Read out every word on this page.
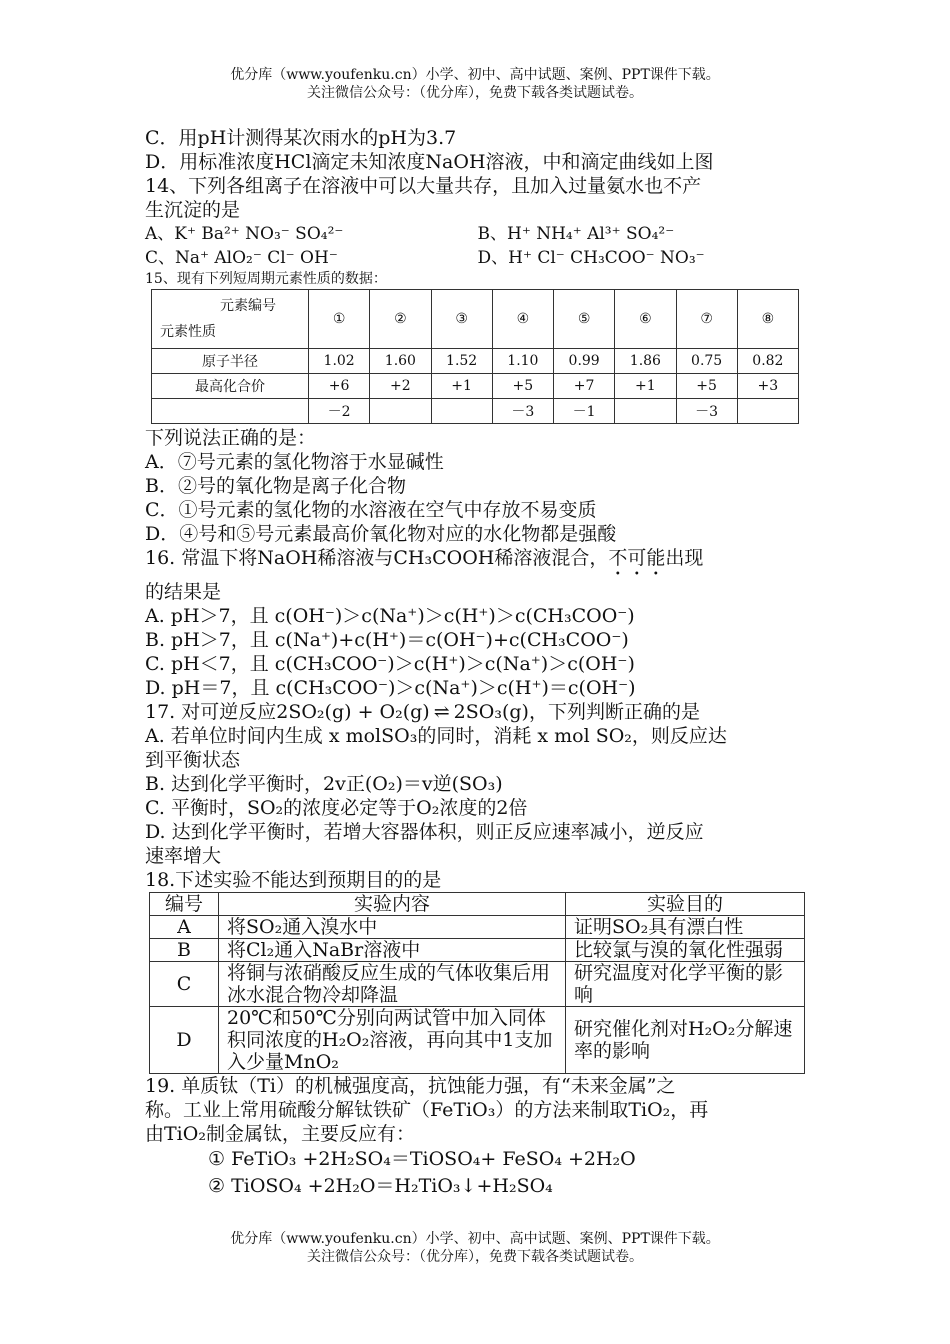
优分库（www.youfenku.cn）小学、初中、高中试题、案例、PPT课件下载。
关注微信公众号：（优分库），免费下载各类试题试卷。
C．用pH计测得某次雨水的pH为3.7
D．用标准浓度HCl滴定未知浓度NaOH溶液，中和滴定曲线如上图
14、下列各组离子在溶液中可以大量共存，且加入过量氨水也不产
生沉淀的是
A、K⁺ Ba²⁺ NO₃⁻ SO₄²⁻	B、H⁺ NH₄⁺ Al³⁺ SO₄²⁻
C、Na⁺ AlO₂⁻ Cl⁻ OH⁻	D、H⁺ Cl⁻ CH₃COO⁻ NO₃⁻
15、现有下列短周期元素性质的数据：
元素编号
元素性质	①	②	③	④	⑤	⑥	⑦	⑧
原子半径	1.02	1.60	1.52	1.10	0.99	1.86	0.75	0.82
最高化合价	+6	+2	+1	+5	+7	+1	+5	+3
	－2			－3	－1		－3	
下列说法正确的是：
A．⑦号元素的氢化物溶于水显碱性
B．②号的氧化物是离子化合物
C．①号元素的氢化物的水溶液在空气中存放不易变质
D．④号和⑤号元素最高价氧化物对应的水化物都是强酸
16. 常温下将NaOH稀溶液与CH₃COOH稀溶液混合，不可能出现
的结果是
A. pH＞7，且 c(OH⁻)＞c(Na⁺)＞c(H⁺)＞c(CH₃COO⁻)
B. pH＞7，且 c(Na⁺)+c(H⁺)＝c(OH⁻)+c(CH₃COO⁻)
C. pH＜7，且 c(CH₃COO⁻)＞c(H⁺)＞c(Na⁺)＞c(OH⁻)
D. pH＝7，且 c(CH₃COO⁻)＞c(Na⁺)＞c(H⁺)＝c(OH⁻)
17. 对可逆反应2SO₂(g) + O₂(g) ⇌ 2SO₃(g)，下列判断正确的是
A. 若单位时间内生成 x molSO₃的同时，消耗 x mol SO₂，则反应达
到平衡状态
B. 达到化学平衡时，2v正(O₂)＝v逆(SO₃)
C. 平衡时，SO₂的浓度必定等于O₂浓度的2倍
D. 达到化学平衡时，若增大容器体积，则正反应速率减小，逆反应
速率增大
18.下述实验不能达到预期目的的是
编号	实验内容	实验目的
A	将SO₂通入溴水中	证明SO₂具有漂白性
B	将Cl₂通入NaBr溶液中	比较氯与溴的氧化性强弱
C	将铜与浓硝酸反应生成的气体收集后用冰水混合物冷却降温	研究温度对化学平衡的影响
D	20℃和50℃分别向两试管中加入同体积同浓度的H₂O₂溶液，再向其中1支加入少量MnO₂	研究催化剂对H₂O₂分解速率的影响
19. 单质钛（Ti）的机械强度高，抗蚀能力强，有“未来金属”之
称。工业上常用硫酸分解钛铁矿（FeTiO₃）的方法来制取TiO₂，再
由TiO₂制金属钛，主要反应有：
① FeTiO₃ +2H₂SO₄＝TiOSO₄+ FeSO₄ +2H₂O
② TiOSO₄ +2H₂O＝H₂TiO₃↓+H₂SO₄
优分库（www.youfenku.cn）小学、初中、高中试题、案例、PPT课件下载。
关注微信公众号：（优分库），免费下载各类试题试卷。
